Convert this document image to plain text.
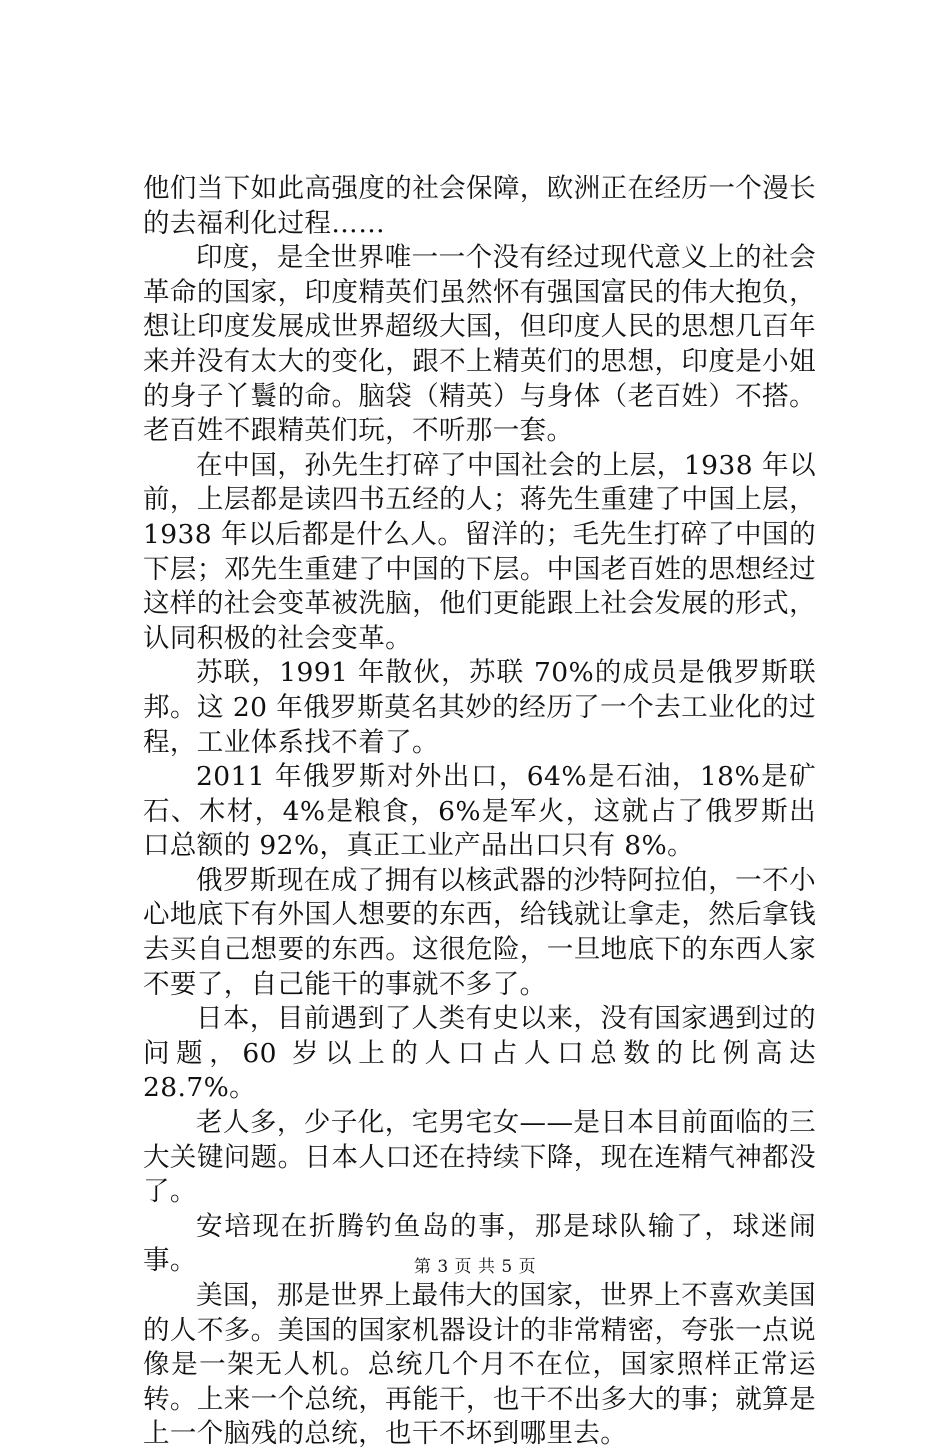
他们当下如此高强度的社会保障，欧洲正在经历一个漫长的去福利化过程……

印度，是全世界唯一一个没有经过现代意义上的社会革命的国家，印度精英们虽然怀有强国富民的伟大抱负，想让印度发展成世界超级大国，但印度人民的思想几百年来并没有太大的变化，跟不上精英们的思想，印度是小姐的身子丫鬟的命。脑袋（精英）与身体（老百姓）不搭。老百姓不跟精英们玩，不听那一套。

在中国，孙先生打碎了中国社会的上层，1938 年以前，上层都是读四书五经的人；蒋先生重建了中国上层，1938 年以后都是什么人。留洋的；毛先生打碎了中国的下层；邓先生重建了中国的下层。中国老百姓的思想经过这样的社会变革被洗脑，他们更能跟上社会发展的形式，认同积极的社会变革。

苏联，1991 年散伙，苏联 70%的成员是俄罗斯联邦。这 20 年俄罗斯莫名其妙的经历了一个去工业化的过程，工业体系找不着了。

2011 年俄罗斯对外出口，64%是石油，18%是矿石、木材，4%是粮食，6%是军火，这就占了俄罗斯出口总额的 92%，真正工业产品出口只有 8%。

俄罗斯现在成了拥有以核武器的沙特阿拉伯，一不小心地底下有外国人想要的东西，给钱就让拿走，然后拿钱去买自己想要的东西。这很危险，一旦地底下的东西人家不要了，自己能干的事就不多了。

日本，目前遇到了人类有史以来，没有国家遇到过的问题，60 岁以上的人口占人口总数的比例高达 28.7%。

老人多，少子化，宅男宅女——是日本目前面临的三大关键问题。日本人口还在持续下降，现在连精气神都没了。

安培现在折腾钓鱼岛的事，那是球队输了，球迷闹事。

美国，那是世界上最伟大的国家，世界上不喜欢美国的人不多。美国的国家机器设计的非常精密，夸张一点说像是一架无人机。总统几个月不在位，国家照样正常运转。上来一个总统，再能干，也干不出多大的事；就算是上一个脑残的总统，也干不坏到哪里去。

第 3 页 共 5 页
